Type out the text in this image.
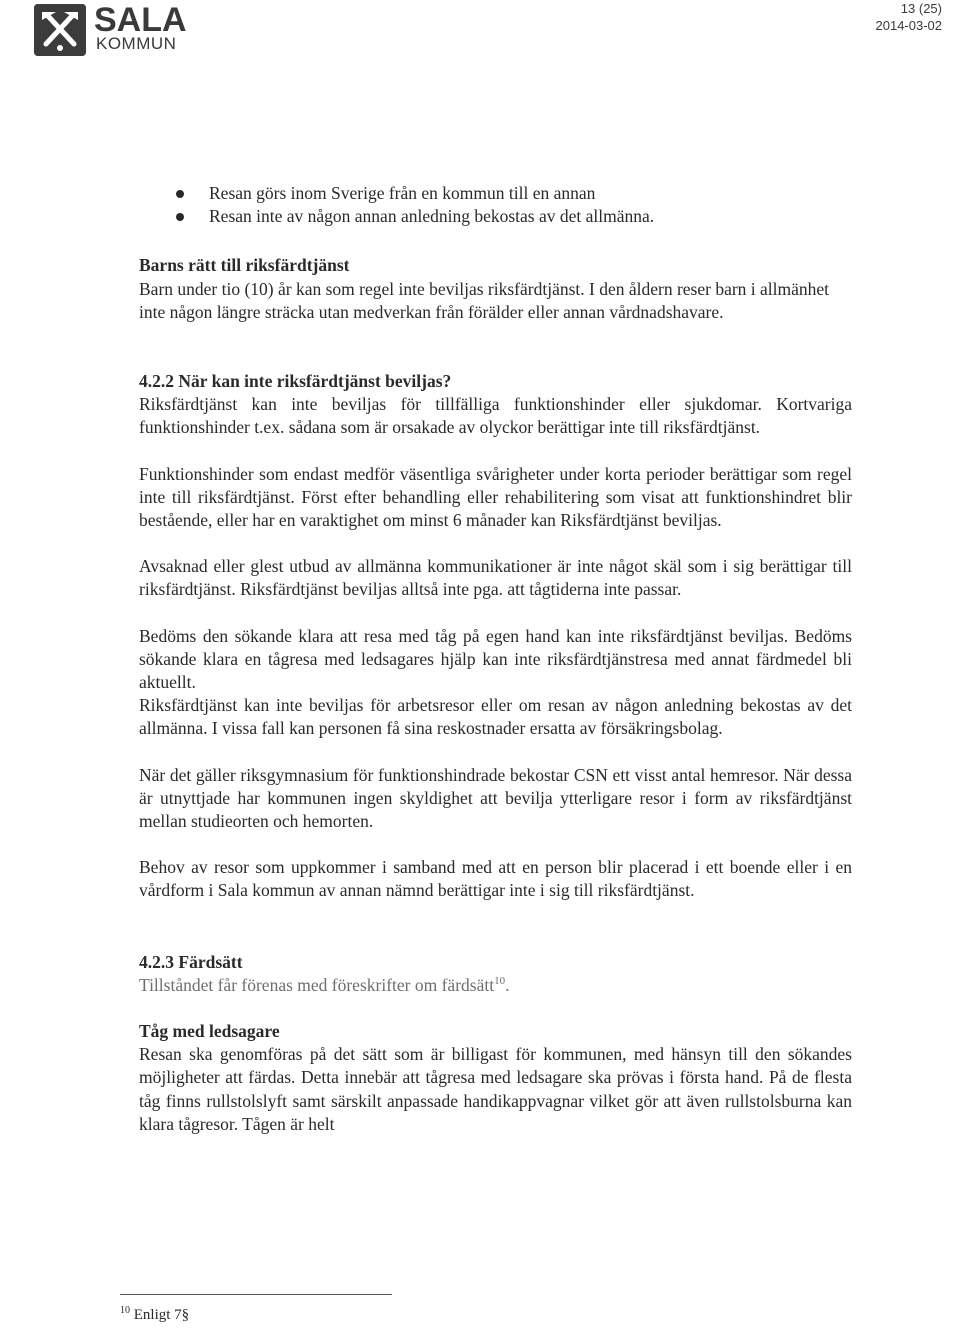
SALA
KOMMUN
13 (25)
2014-03-02
Resan görs inom Sverige från en kommun till en annan
Resan inte av någon annan anledning bekostas av det allmänna.

Barns rätt till riksfärdtjänst

Barn under tio (10) år kan som regel inte beviljas riksfärdtjänst. I den åldern reser barn i allmänhet inte någon längre sträcka utan medverkan från förälder eller annan vårdnadshavare.

4.2.2 När kan inte riksfärdtjänst beviljas?

Riksfärdtjänst kan inte beviljas för tillfälliga funktionshinder eller sjukdomar. Kortvariga funktionshinder t.ex. sådana som är orsakade av olyckor berättigar inte till riksfärdtjänst.

Funktionshinder som endast medför väsentliga svårigheter under korta perioder berättigar som regel inte till riksfärdtjänst. Först efter behandling eller rehabilitering som visat att funktionshindret blir bestående, eller har en varaktighet om minst 6 månader kan Riksfärdtjänst beviljas.

Avsaknad eller glest utbud av allmänna kommunikationer är inte något skäl som i sig berättigar till riksfärdtjänst. Riksfärdtjänst beviljas alltså inte pga. att tågtiderna inte passar.

Bedöms den sökande klara att resa med tåg på egen hand kan inte riksfärdtjänst beviljas. Bedöms sökande klara en tågresa med ledsagares hjälp kan inte riksfärdtjänstresa med annat färdmedel bli aktuellt.

Riksfärdtjänst kan inte beviljas för arbetsresor eller om resan av någon anledning bekostas av det allmänna. I vissa fall kan personen få sina reskostnader ersatta av försäkringsbolag.

När det gäller riksgymnasium för funktionshindrade bekostar CSN ett visst antal hemresor. När dessa är utnyttjade har kommunen ingen skyldighet att bevilja ytterligare resor i form av riksfärdtjänst mellan studieorten och hemorten.

Behov av resor som uppkommer i samband med att en person blir placerad i ett boende eller i en vårdform i Sala kommun av annan nämnd berättigar inte i sig till riksfärdtjänst.

4.2.3 Färdsätt

Tillståndet får förenas med föreskrifter om färdsätt$^{10}$.

Tåg med ledsagare

Resan ska genomföras på det sätt som är billigast för kommunen, med hänsyn till den sökandes möjligheter att färdas. Detta innebär att tågresa med ledsagare ska prövas i första hand. På de flesta tåg finns rullstolslyft samt särskilt anpassade handikappvagnar vilket gör att även rullstolsburna kan klara tågresor. Tågen är helt

$^{10}$ Enligt 7§
